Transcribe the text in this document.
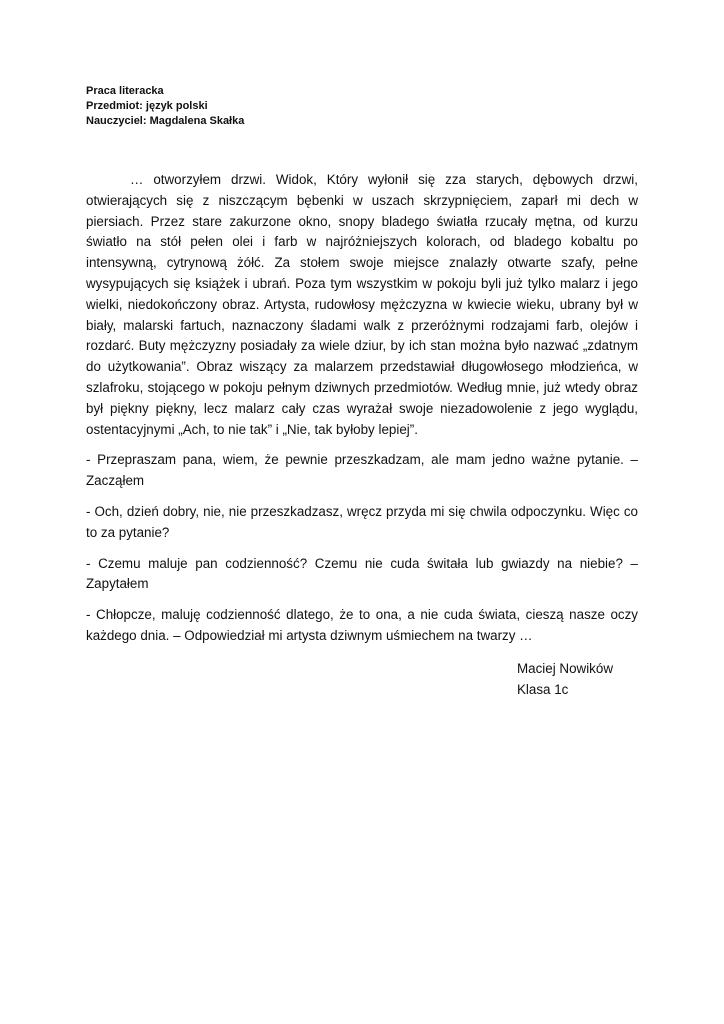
Praca literacka
Przedmiot: język polski
Nauczyciel: Magdalena Skałka

… otworzyłem drzwi. Widok, Który wyłonił się zza starych, dębowych drzwi, otwierających się z niszczącym bębenki w uszach skrzypnięciem, zaparł mi dech w piersiach. Przez stare zakurzone okno, snopy bladego światła rzucały mętna, od kurzu światło na stół pełen olei i farb w najróżniejszych kolorach, od bladego kobaltu po intensywną, cytrynową żółć. Za stołem swoje miejsce znalazły otwarte szafy, pełne wysypujących się książek i ubrań. Poza tym wszystkim w pokoju byli już tylko malarz i jego wielki, niedokończony obraz. Artysta, rudowłosy mężczyzna w kwiecie wieku, ubrany był w biały, malarski fartuch, naznaczony śladami walk z przeróżnymi rodzajami farb, olejów i rozdarć. Buty mężczyzny posiadały za wiele dziur, by ich stan można było nazwać „zdatnym do użytkowania”. Obraz wiszący za malarzem przedstawiał długowłosego młodzieńca, w szlafroku, stojącego w pokoju pełnym dziwnych przedmiotów. Według mnie, już wtedy obraz był piękny piękny, lecz malarz cały czas wyrażał swoje niezadowolenie z jego wyglądu, ostentacyjnymi „Ach, to nie tak” i „Nie, tak byłoby lepiej”.

- Przepraszam pana, wiem, że pewnie przeszkadzam, ale mam jedno ważne pytanie. – Zacząłem

- Och, dzień dobry, nie, nie przeszkadzasz, wręcz przyda mi się chwila odpoczynku. Więc co to za pytanie?

- Czemu maluje pan codzienność? Czemu nie cuda świtała lub gwiazdy na niebie? – Zapytałem

- Chłopcze, maluję codzienność dlatego, że to ona, a nie cuda świata, cieszą nasze oczy każdego dnia. – Odpowiedział mi artysta dziwnym uśmiechem na twarzy …

Maciej Nowików
Klasa 1c
